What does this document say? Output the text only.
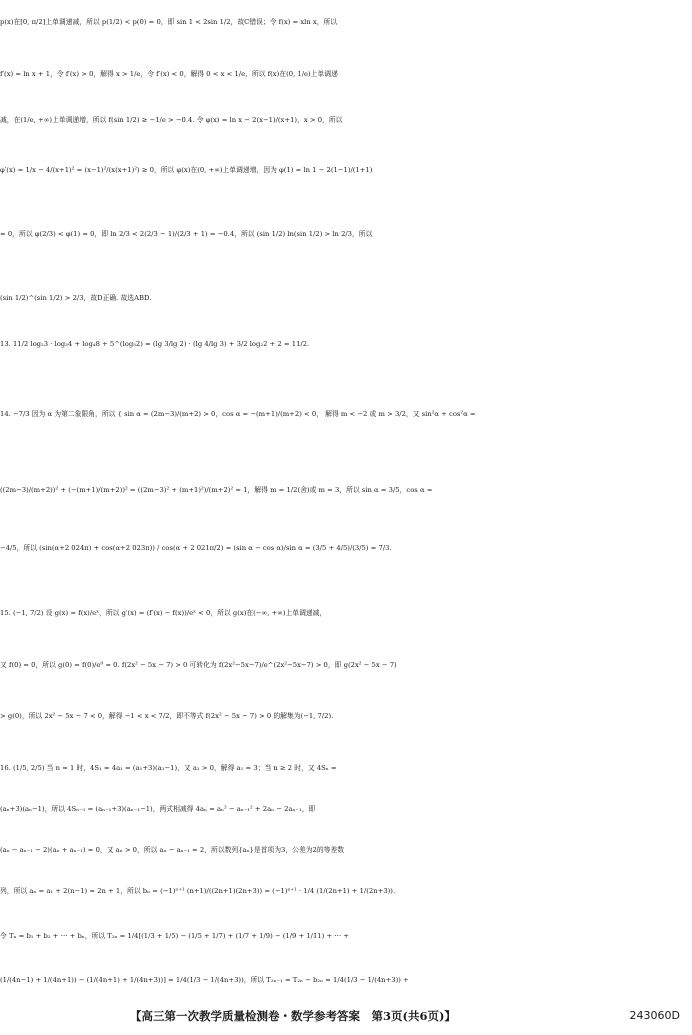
p(x)在[0, π/2]上单调递减，所以 p(1/2) < p(0) = 0，即 sin 1 < 2sin 1/2，故C错误；令 f(x) = xln x，所以
f′(x) = ln x + 1，令 f′(x) > 0，解得 x > 1/e，令 f′(x) < 0，解得 0 < x < 1/e，所以 f(x)在(0, 1/e)上单调递
减，在(1/e, +∞)上单调递增，所以 f(sin 1/2) ≥ −1/e > −0.4. 令 φ(x) = ln x − 2(x−1)/(x+1)，x > 0，所以
φ′(x) = 1/x − 4/(x+1)² = (x−1)²/(x(x+1)²) ≥ 0，所以 φ(x)在(0, +∞)上单调递增，因为 φ(1) = ln 1 − 2(1−1)/(1+1)
= 0，所以 φ(2/3) < φ(1) = 0，即 ln 2/3 < 2(2/3 − 1)/(2/3 + 1) = −0.4，所以 (sin 1/2) ln(sin 1/2) > ln 2/3，所以
(sin 1/2)^(sin 1/2) > 2/3，故D正确. 故选ABD.
13. 11/2 log₂3 · log₃4 + log₄8 + 5^(log₅2) = (lg 3/lg 2) · (lg 4/lg 3) + 3/2 log₂2 + 2 = 11/2.
14. −7/3 因为 α 为第二象限角，所以 { sin α = (2m−3)/(m+2) > 0，cos α = −(m+1)/(m+2) < 0， 解得 m < −2 或 m > 3/2，又 sin²α + cos²α =
((2m−3)/(m+2))² + (−(m+1)/(m+2))² = ((2m−3)² + (m+1)²)/(m+2)² = 1，解得 m = 1/2(舍)或 m = 3，所以 sin α = 3/5，cos α =
−4/5，所以 (sin(α+2 024π) + cos(α+2 023π)) / cos(α + 2 021π/2) = (sin α − cos α)/sin α = (3/5 + 4/5)/(3/5) = 7/3.
15. (−1, 7/2) 设 g(x) = f(x)/eˣ，所以 g′(x) = (f′(x) − f(x))/eˣ < 0，所以 g(x)在(−∞, +∞)上单调递减，
又 f(0) = 0，所以 g(0) = f(0)/e⁰ = 0. f(2x² − 5x − 7) > 0 可转化为 f(2x²−5x−7)/e^(2x²−5x−7) > 0，即 g(2x² − 5x − 7)
> g(0)，所以 2x² − 5x − 7 < 0，解得 −1 < x < 7/2，即不等式 f(2x² − 5x − 7) > 0 的解集为(−1, 7/2).
16. (1/5, 2/5) 当 n = 1 时，4S₁ = 4a₁ = (a₁+3)(a₁−1)，又 a₁ > 0，解得 a₁ = 3；当 n ≥ 2 时，又 4Sₙ =
(aₙ+3)(aₙ−1)，所以 4Sₙ₋₁ = (aₙ₋₁+3)(aₙ₋₁−1)，两式相减得 4aₙ = aₙ² − aₙ₋₁² + 2aₙ − 2aₙ₋₁，即
(aₙ − aₙ₋₁ − 2)(aₙ + aₙ₋₁) = 0，又 aₙ > 0，所以 aₙ − aₙ₋₁ = 2，所以数列{aₙ}是首项为3，公差为2的等差数
列，所以 aₙ = a₁ + 2(n−1) = 2n + 1，所以 bₙ = (−1)ⁿ⁺¹ (n+1)/((2n+1)(2n+3)) = (−1)ⁿ⁺¹ · 1/4 (1/(2n+1) + 1/(2n+3)).
令 Tₙ = b₁ + b₂ + ⋯ + bₙ，所以 T₂ₙ = 1/4[(1/3 + 1/5) − (1/5 + 1/7) + (1/7 + 1/9) − (1/9 + 1/11) + ⋯ +
(1/(4n−1) + 1/(4n+1)) − (1/(4n+1) + 1/(4n+3))] = 1/4(1/3 − 1/(4n+3))，所以 T₂ₙ₋₁ = T₂ₙ − b₂ₙ = 1/4(1/3 − 1/(4n+3)) +
【高三第一次教学质量检测卷・数学参考答案　第3页(共6页)】	243060D
